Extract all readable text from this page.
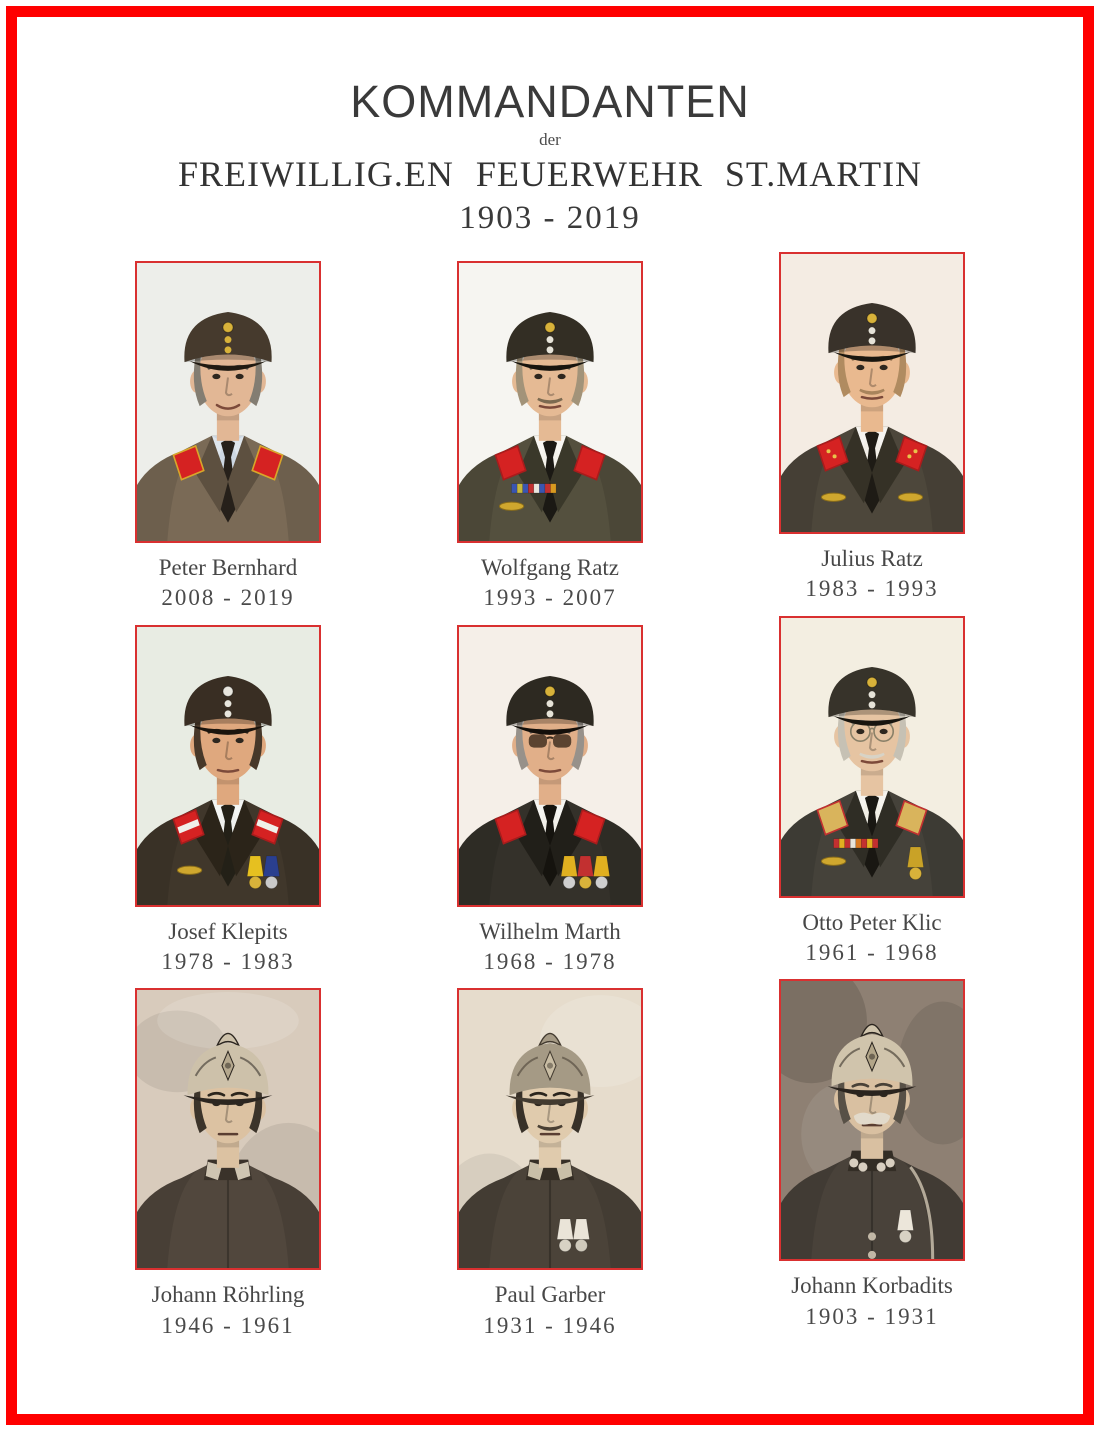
KOMMANDANTEN
der
FREIWILLIG.EN FEUERWEHR ST.MARTIN
1903 - 2019
Peter Bernhard
2008 - 2019
Wolfgang Ratz
1993 - 2007
Julius Ratz
1983 - 1993
Josef Klepits
1978 - 1983
Wilhelm Marth
1968 - 1978
Otto Peter Klic
1961 - 1968
Johann Röhrling
1946 - 1961
Paul Garber
1931 - 1946
Johann Korbadits
1903 - 1931
